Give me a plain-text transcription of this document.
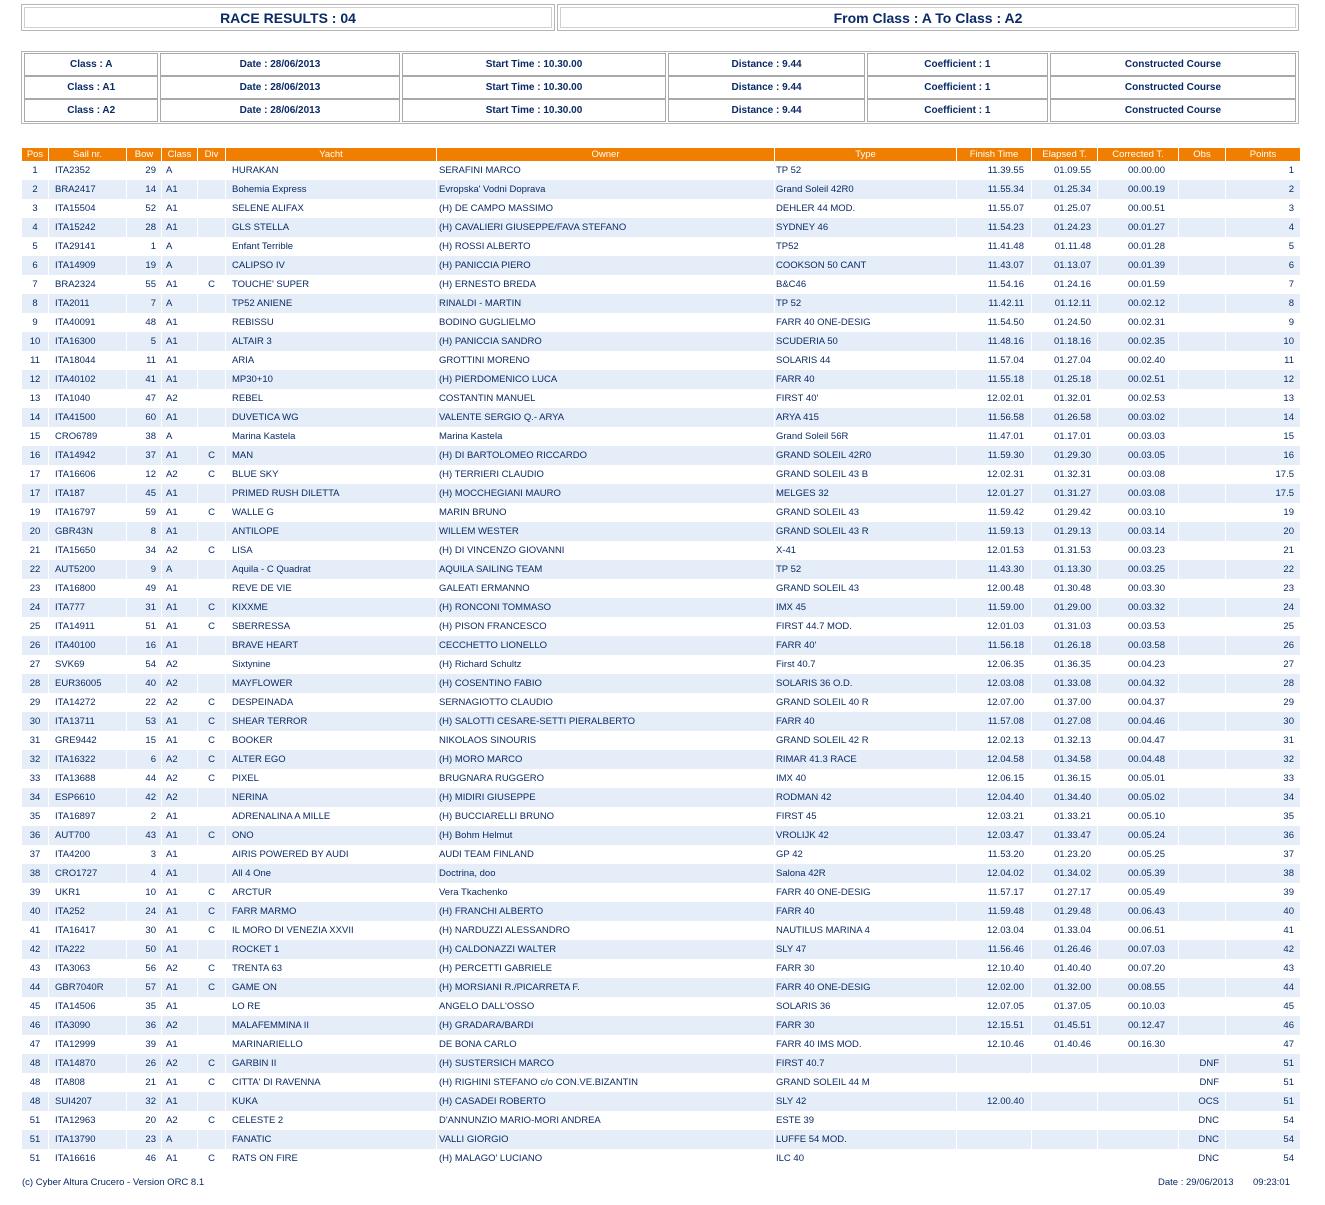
RACE RESULTS : 04	From Class : A To Class : A2
Class : A	Date : 28/06/2013	Start Time : 10.30.00	Distance : 9.44	Coefficient : 1	Constructed Course
Class : A1	Date : 28/06/2013	Start Time : 10.30.00	Distance : 9.44	Coefficient : 1	Constructed Course
Class : A2	Date : 28/06/2013	Start Time : 10.30.00	Distance : 9.44	Coefficient : 1	Constructed Course
Pos	Sail nr.	Bow	Class	Div	Yacht	Owner	Type	Finish Time	Elapsed T.	Corrected T.	Obs	Points
1	ITA2352	29	A		HURAKAN	SERAFINI MARCO	TP 52	11.39.55	01.09.55	00.00.00		1
2	BRA2417	14	A1		Bohemia Express	Evropska' Vodni Doprava	Grand Soleil 42R0	11.55.34	01.25.34	00.00.19		2
3	ITA15504	52	A1		SELENE ALIFAX	(H) DE CAMPO MASSIMO	DEHLER 44 MOD.	11.55.07	01.25.07	00.00.51		3
4	ITA15242	28	A1		GLS STELLA	(H) CAVALIERI GIUSEPPE/FAVA STEFANO	SYDNEY 46	11.54.23	01.24.23	00.01.27		4
5	ITA29141	1	A		Enfant Terrible	(H) ROSSI ALBERTO	TP52	11.41.48	01.11.48	00.01.28		5
6	ITA14909	19	A		CALIPSO IV	(H) PANICCIA PIERO	COOKSON 50 CANT	11.43.07	01.13.07	00.01.39		6
7	BRA2324	55	A1	C	TOUCHE' SUPER	(H) ERNESTO BREDA	B&C46	11.54.16	01.24.16	00.01.59		7
8	ITA2011	7	A		TP52 ANIENE	RINALDI - MARTIN	TP 52	11.42.11	01.12.11	00.02.12		8
9	ITA40091	48	A1		REBISSU	BODINO GUGLIELMO	FARR 40 ONE-DESIG	11.54.50	01.24.50	00.02.31		9
10	ITA16300	5	A1		ALTAIR 3	(H) PANICCIA SANDRO	SCUDERIA 50	11.48.16	01.18.16	00.02.35		10
11	ITA18044	11	A1		ARIA	GROTTINI MORENO	SOLARIS 44	11.57.04	01.27.04	00.02.40		11
12	ITA40102	41	A1		MP30+10	(H) PIERDOMENICO LUCA	FARR 40	11.55.18	01.25.18	00.02.51		12
13	ITA1040	47	A2		REBEL	COSTANTIN MANUEL	FIRST 40'	12.02.01	01.32.01	00.02.53		13
14	ITA41500	60	A1		DUVETICA WG	VALENTE SERGIO Q.- ARYA	ARYA 415	11.56.58	01.26.58	00.03.02		14
15	CRO6789	38	A		Marina Kastela	Marina Kastela	Grand Soleil 56R	11.47.01	01.17.01	00.03.03		15
16	ITA14942	37	A1	C	MAN	(H) DI BARTOLOMEO RICCARDO	GRAND SOLEIL 42R0	11.59.30	01.29.30	00.03.05		16
17	ITA16606	12	A2	C	BLUE SKY	(H) TERRIERI CLAUDIO	GRAND SOLEIL 43 B	12.02.31	01.32.31	00.03.08		17.5
17	ITA187	45	A1		PRIMED RUSH DILETTA	(H) MOCCHEGIANI MAURO	MELGES 32	12.01.27	01.31.27	00.03.08		17.5
19	ITA16797	59	A1	C	WALLE G	MARIN BRUNO	GRAND SOLEIL 43	11.59.42	01.29.42	00.03.10		19
20	GBR43N	8	A1		ANTILOPE	WILLEM WESTER	GRAND SOLEIL 43 R	11.59.13	01.29.13	00.03.14		20
21	ITA15650	34	A2	C	LISA	(H) DI VINCENZO GIOVANNI	X-41	12.01.53	01.31.53	00.03.23		21
22	AUT5200	9	A		Aquila - C Quadrat	AQUILA SAILING TEAM	TP 52	11.43.30	01.13.30	00.03.25		22
23	ITA16800	49	A1		REVE DE VIE	GALEATI ERMANNO	GRAND SOLEIL 43	12.00.48	01.30.48	00.03.30		23
24	ITA777	31	A1	C	KIXXME	(H) RONCONI TOMMASO	IMX 45	11.59.00	01.29.00	00.03.32		24
25	ITA14911	51	A1	C	SBERRESSA	(H) PISON FRANCESCO	FIRST 44.7 MOD.	12.01.03	01.31.03	00.03.53		25
26	ITA40100	16	A1		BRAVE HEART	CECCHETTO LIONELLO	FARR 40'	11.56.18	01.26.18	00.03.58		26
27	SVK69	54	A2		Sixtynine	(H) Richard Schultz	First 40.7	12.06.35	01.36.35	00.04.23		27
28	EUR36005	40	A2		MAYFLOWER	(H) COSENTINO FABIO	SOLARIS 36 O.D.	12.03.08	01.33.08	00.04.32		28
29	ITA14272	22	A2	C	DESPEINADA	SERNAGIOTTO CLAUDIO	GRAND SOLEIL 40 R	12.07.00	01.37.00	00.04.37		29
30	ITA13711	53	A1	C	SHEAR TERROR	(H) SALOTTI CESARE-SETTI PIERALBERTO	FARR 40	11.57.08	01.27.08	00.04.46		30
31	GRE9442	15	A1	C	BOOKER	NIKOLAOS SINOURIS	GRAND SOLEIL 42 R	12.02.13	01.32.13	00.04.47		31
32	ITA16322	6	A2	C	ALTER EGO	(H) MORO MARCO	RIMAR 41.3 RACE	12.04.58	01.34.58	00.04.48		32
33	ITA13688	44	A2	C	PIXEL	BRUGNARA RUGGERO	IMX 40	12.06.15	01.36.15	00.05.01		33
34	ESP6610	42	A2		NERINA	(H) MIDIRI GIUSEPPE	RODMAN 42	12.04.40	01.34.40	00.05.02		34
35	ITA16897	2	A1		ADRENALINA A MILLE	(H) BUCCIARELLI BRUNO	FIRST 45	12.03.21	01.33.21	00.05.10		35
36	AUT700	43	A1	C	ONO	(H) Bohm Helmut	VROLIJK 42	12.03.47	01.33.47	00.05.24		36
37	ITA4200	3	A1		AIRIS POWERED BY AUDI	AUDI TEAM FINLAND	GP 42	11.53.20	01.23.20	00.05.25		37
38	CRO1727	4	A1		All 4 One	Doctrina, doo	Salona 42R	12.04.02	01.34.02	00.05.39		38
39	UKR1	10	A1	C	ARCTUR	Vera Tkachenko	FARR 40 ONE-DESIG	11.57.17	01.27.17	00.05.49		39
40	ITA252	24	A1	C	FARR MARMO	(H) FRANCHI ALBERTO	FARR 40	11.59.48	01.29.48	00.06.43		40
41	ITA16417	30	A1	C	IL MORO DI VENEZIA XXVII	(H) NARDUZZI ALESSANDRO	NAUTILUS MARINA 4	12.03.04	01.33.04	00.06.51		41
42	ITA222	50	A1		ROCKET 1	(H) CALDONAZZI WALTER	SLY 47	11.56.46	01.26.46	00.07.03		42
43	ITA3063	56	A2	C	TRENTA 63	(H) PERCETTI GABRIELE	FARR 30	12.10.40	01.40.40	00.07.20		43
44	GBR7040R	57	A1	C	GAME ON	(H) MORSIANI R./PICARRETA F.	FARR 40 ONE-DESIG	12.02.00	01.32.00	00.08.55		44
45	ITA14506	35	A1		LO RE	ANGELO DALL'OSSO	SOLARIS 36	12.07.05	01.37.05	00.10.03		45
46	ITA3090	36	A2		MALAFEMMINA II	(H) GRADARA/BARDI	FARR 30	12.15.51	01.45.51	00.12.47		46
47	ITA12999	39	A1		MARINARIELLO	DE BONA CARLO	FARR 40 IMS MOD.	12.10.46	01.40.46	00.16.30		47
48	ITA14870	26	A2	C	GARBIN II	(H) SUSTERSICH MARCO	FIRST 40.7				DNF	51
48	ITA808	21	A1	C	CITTA' DI RAVENNA	(H) RIGHINI STEFANO c/o CON.VE.BIZANTIN	GRAND SOLEIL 44 M				DNF	51
48	SUI4207	32	A1		KUKA	(H) CASADEI ROBERTO	SLY 42	12.00.40			OCS	51
51	ITA12963	20	A2	C	CELESTE 2	D'ANNUNZIO MARIO-MORI ANDREA	ESTE 39				DNC	54
51	ITA13790	23	A		FANATIC	VALLI GIORGIO	LUFFE 54 MOD.				DNC	54
51	ITA16616	46	A1	C	RATS ON FIRE	(H) MALAGO' LUCIANO	ILC 40				DNC	54
(c) Cyber Altura Crucero - Version ORC 8.1	Date : 29/06/2013 09:23:01
